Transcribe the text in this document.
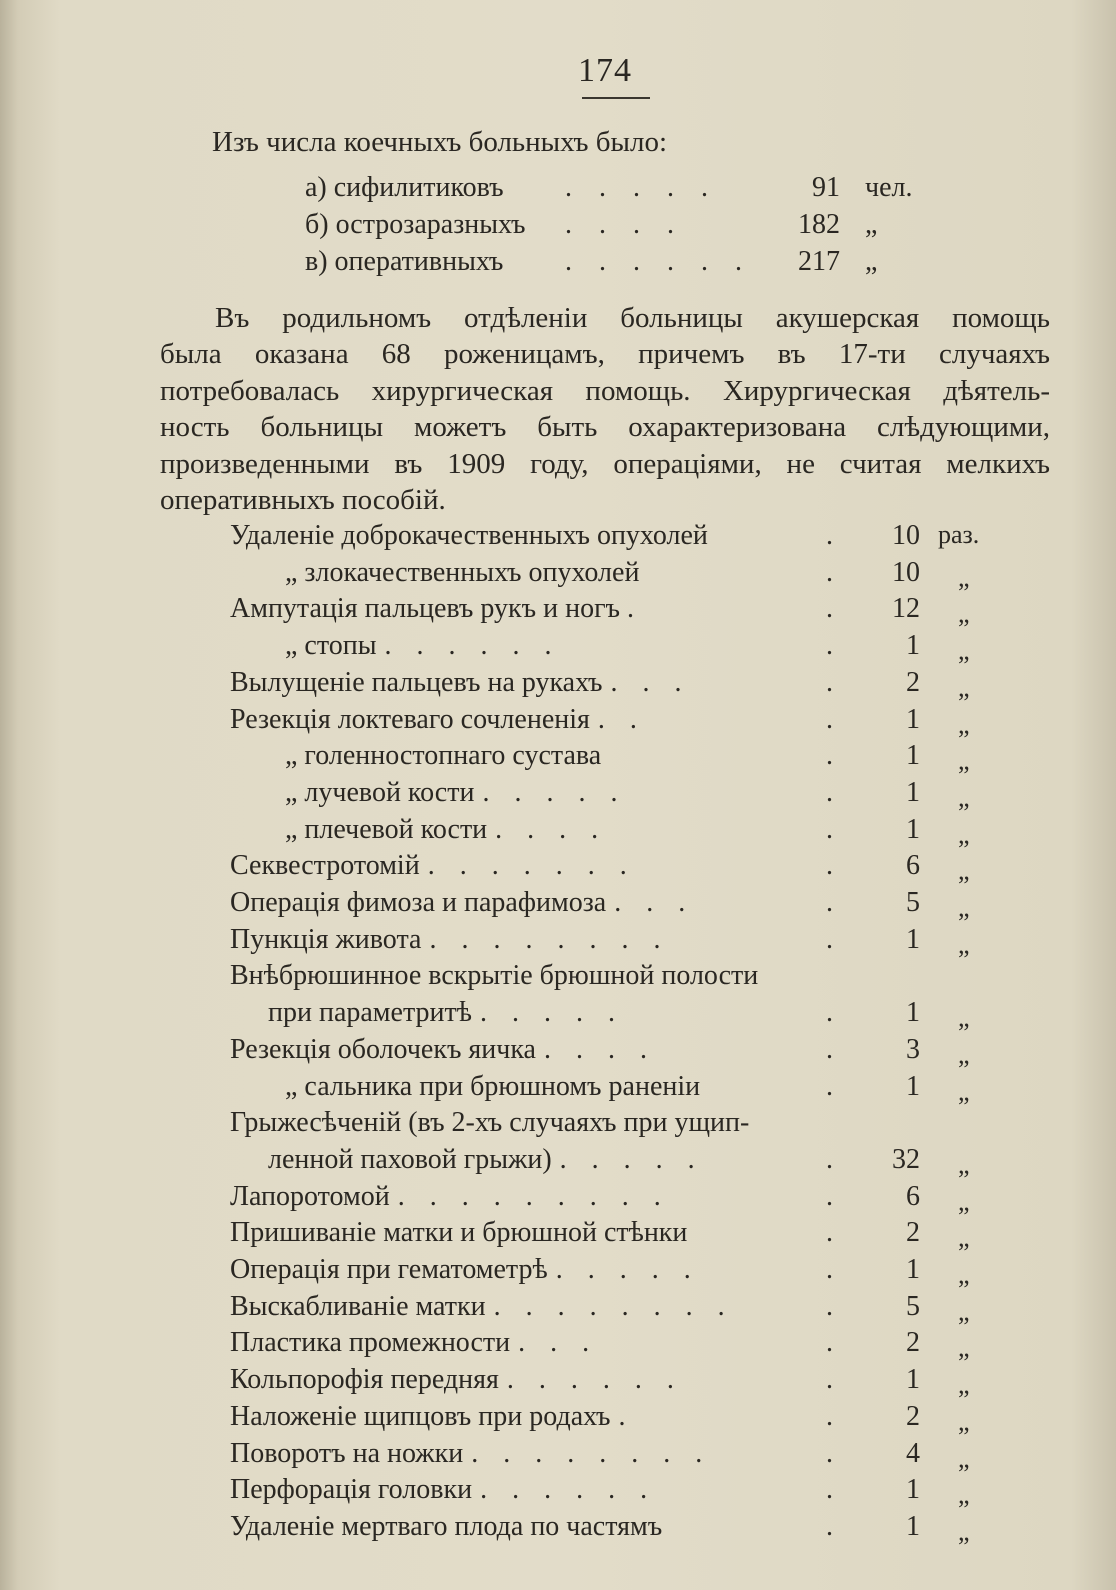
174
Изъ числа коечныхъ больныхъ было:
а) сифилитиковъ . . . . .	91 чел.
б) острозаразныхъ . . . .	182 „
в) оперативныхъ . . . . . . 217 „
Въ родильномъ отдѣленіи больницы акушерская помощь
была оказана 68 роженицамъ, причемъ въ 17-ти случаяхъ
потребовалась хирургическая помощь. Хирургическая дѣятель-
ность больницы можетъ быть охарактеризована слѣдующими,
произведенными въ 1909 году, операціями, не считая мелкихъ
оперативныхъ пособій.
Удаленіе доброкачественныхъ опухолей	.	10 раз.
„ злокачественныхъ опухолей	.	10 „
Ампутація пальцевъ рукъ и ногъ .	.	12 „
„ стопы . . . . . .	.	1 „
Вылущеніе пальцевъ на рукахъ . . .	.	2 „
Резекція локтеваго сочлененія . .	.	1 „
„ голенностопнаго сустава	.	1 „
„ лучевой кости . . . . .	.	1 „
„ плечевой кости . . . .	.	1 „
Секвестротомій . . . . . . .	.	6 „
Операція фимоза и парафимоза . . .	.	5 „
Пункція живота . . . . . . . .	.	1 „
Внѣбрюшинное вскрытіе брюшной полости
при параметритѣ . . . . .	.	1 „
Резекція оболочекъ яичка . . . .	.	3 „
„ сальника при брюшномъ раненіи	.	1 „
Грыжесѣченій (въ 2-хъ случаяхъ при ущип-
ленной паховой грыжи) . . . . .	.	32 „
Лапоротомой . . . . . . . . .	.	6 „
Пришиваніе матки и брюшной стѣнки	.	2 „
Операція при гематометрѣ . . . . .	.	1 „
Выскабливаніе матки . . . . . . . .	.	5 „
Пластика промежности . . .	.	2 „
Кольпорофія передняя . . . . . .	.	1 „
Наложеніе щипцовъ при родахъ .	.	2 „
Поворотъ на ножки . . . . . . . .	.	4 „
Перфорація головки . . . . . .	.	1 „
Удаленіе мертваго плода по частямъ	.	1 „
